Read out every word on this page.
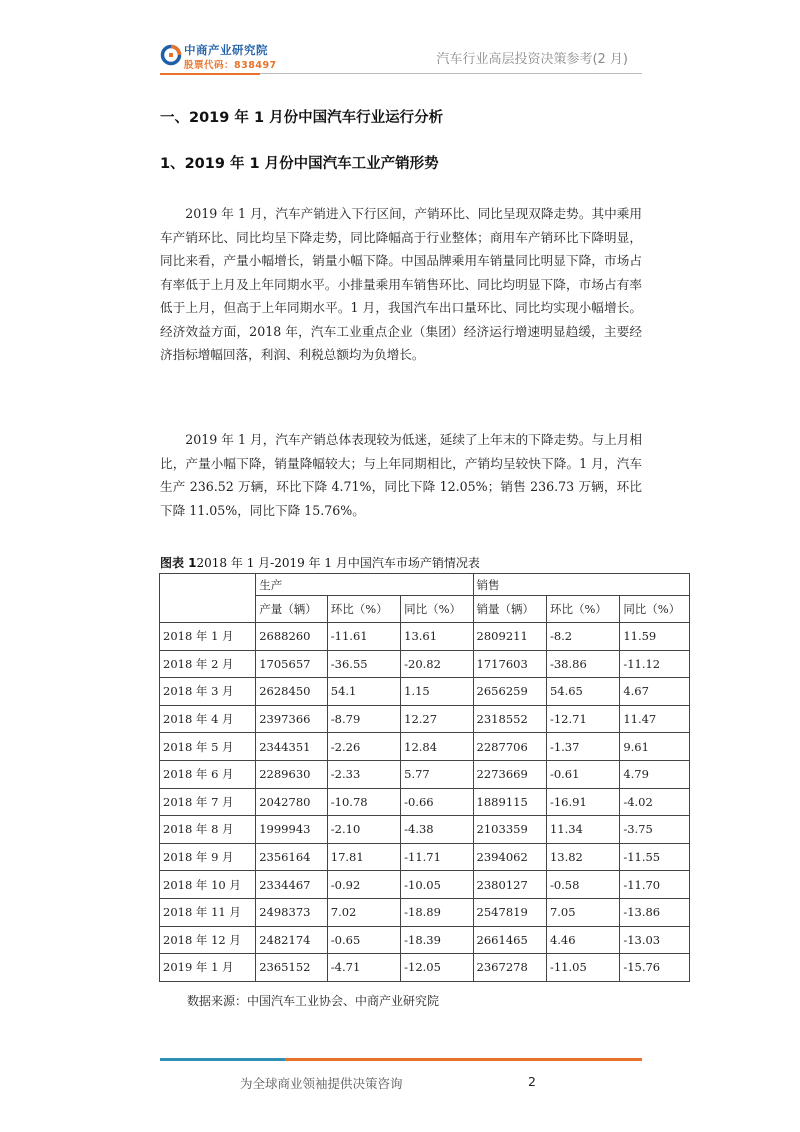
中商产业研究院
股票代码：838497	汽车行业高层投资决策参考(2 月)
一、2019 年 1 月份中国汽车行业运行分析
1、2019 年 1 月份中国汽车工业产销形势

2019 年 1 月，汽车产销进入下行区间，产销环比、同比呈现双降走势。其中乘用车产销环比、同比均呈下降走势，同比降幅高于行业整体；商用车产销环比下降明显，同比来看，产量小幅增长，销量小幅下降。中国品牌乘用车销量同比明显下降，市场占有率低于上月及上年同期水平。小排量乘用车销售环比、同比均明显下降，市场占有率低于上月，但高于上年同期水平。1 月，我国汽车出口量环比、同比均实现小幅增长。经济效益方面，2018 年，汽车工业重点企业（集团）经济运行增速明显趋缓，主要经济指标增幅回落，利润、利税总额均为负增长。

2019 年 1 月，汽车产销总体表现较为低迷，延续了上年末的下降走势。与上月相比，产量小幅下降，销量降幅较大；与上年同期相比，产销均呈较快下降。1 月，汽车生产 236.52 万辆，环比下降 4.71%，同比下降 12.05%；销售 236.73 万辆，环比下降 11.05%，同比下降 15.76%。

图表 12018 年 1 月-2019 年 1 月中国汽车市场产销情况表
	生产			销售		
	产量（辆）	环比（%）	同比（%）	销量（辆）	环比（%）	同比（%）
2018 年 1 月	2688260	-11.61	13.61	2809211	-8.2	11.59
2018 年 2 月	1705657	-36.55	-20.82	1717603	-38.86	-11.12
2018 年 3 月	2628450	54.1	1.15	2656259	54.65	4.67
2018 年 4 月	2397366	-8.79	12.27	2318552	-12.71	11.47
2018 年 5 月	2344351	-2.26	12.84	2287706	-1.37	9.61
2018 年 6 月	2289630	-2.33	5.77	2273669	-0.61	4.79
2018 年 7 月	2042780	-10.78	-0.66	1889115	-16.91	-4.02
2018 年 8 月	1999943	-2.10	-4.38	2103359	11.34	-3.75
2018 年 9 月	2356164	17.81	-11.71	2394062	13.82	-11.55
2018 年 10 月	2334467	-0.92	-10.05	2380127	-0.58	-11.70
2018 年 11 月	2498373	7.02	-18.89	2547819	7.05	-13.86
2018 年 12 月	2482174	-0.65	-18.39	2661465	4.46	-13.03
2019 年 1 月	2365152	-4.71	-12.05	2367278	-11.05	-15.76
数据来源：中国汽车工业协会、中商产业研究院
为全球商业领袖提供决策咨询	2
